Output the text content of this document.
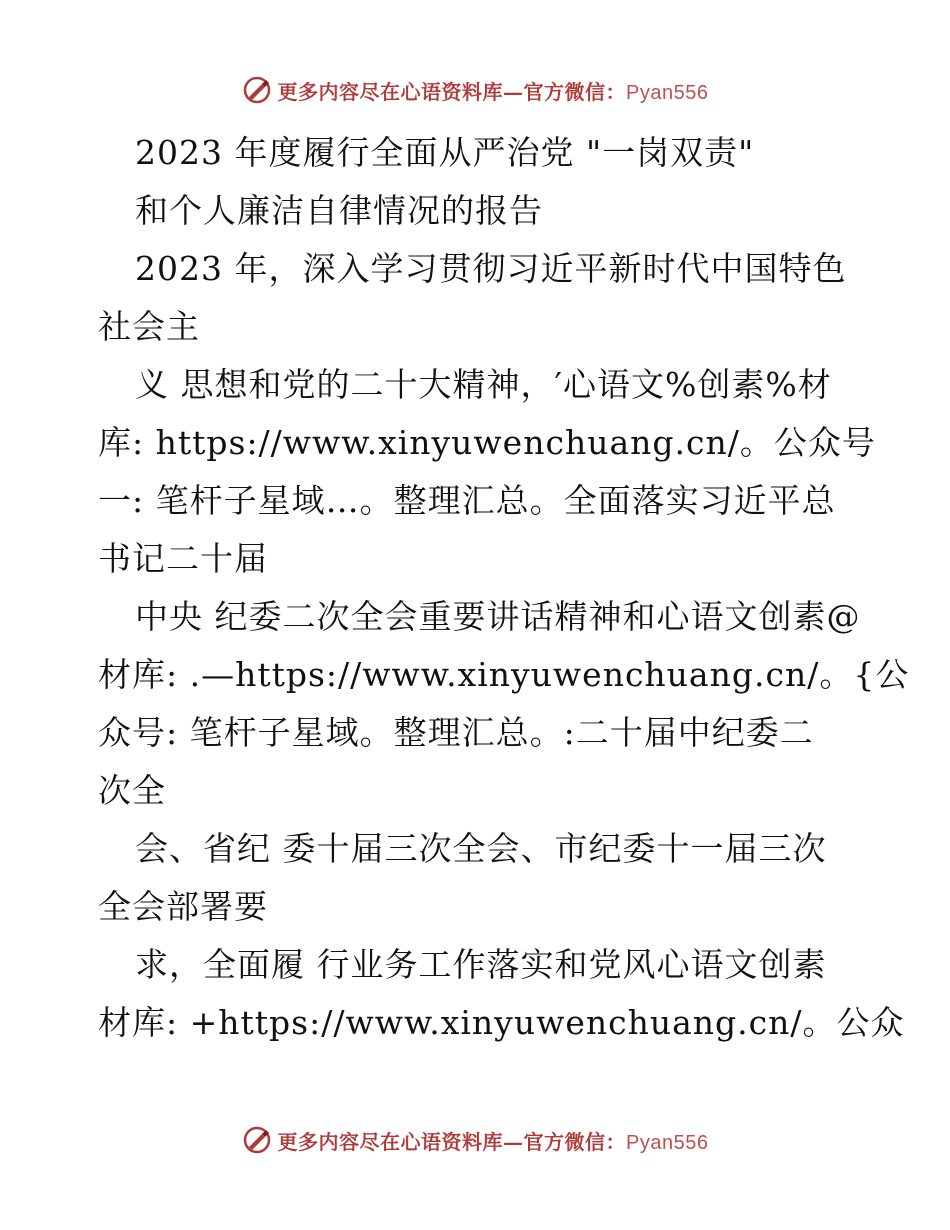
更多内容尽在心语资料库—官方微信：Pyan556
2023 年度履行全面从严治党 "一岗双责"
和个人廉洁自律情况的报告
2023 年，深入学习贯彻习近平新时代中国特色
社会主
义 思想和党的二十大精神，′心语文%创素%材
库: https://www.xinyuwenchuang.cn/。公众号
一: 笔杆子星域…。整理汇总。全面落实习近平总
书记二十届
中央 纪委二次全会重要讲话精神和心语文创素@
材库: .—https://www.xinyuwenchuang.cn/。{公
众号: 笔杆子星域。整理汇总。:二十届中纪委二
次全
会、省纪 委十届三次全会、市纪委十一届三次
全会部署要
求，全面履 行业务工作落实和党风心语文创素
材库: +https://www.xinyuwenchuang.cn/。公众
更多内容尽在心语资料库—官方微信：Pyan556
